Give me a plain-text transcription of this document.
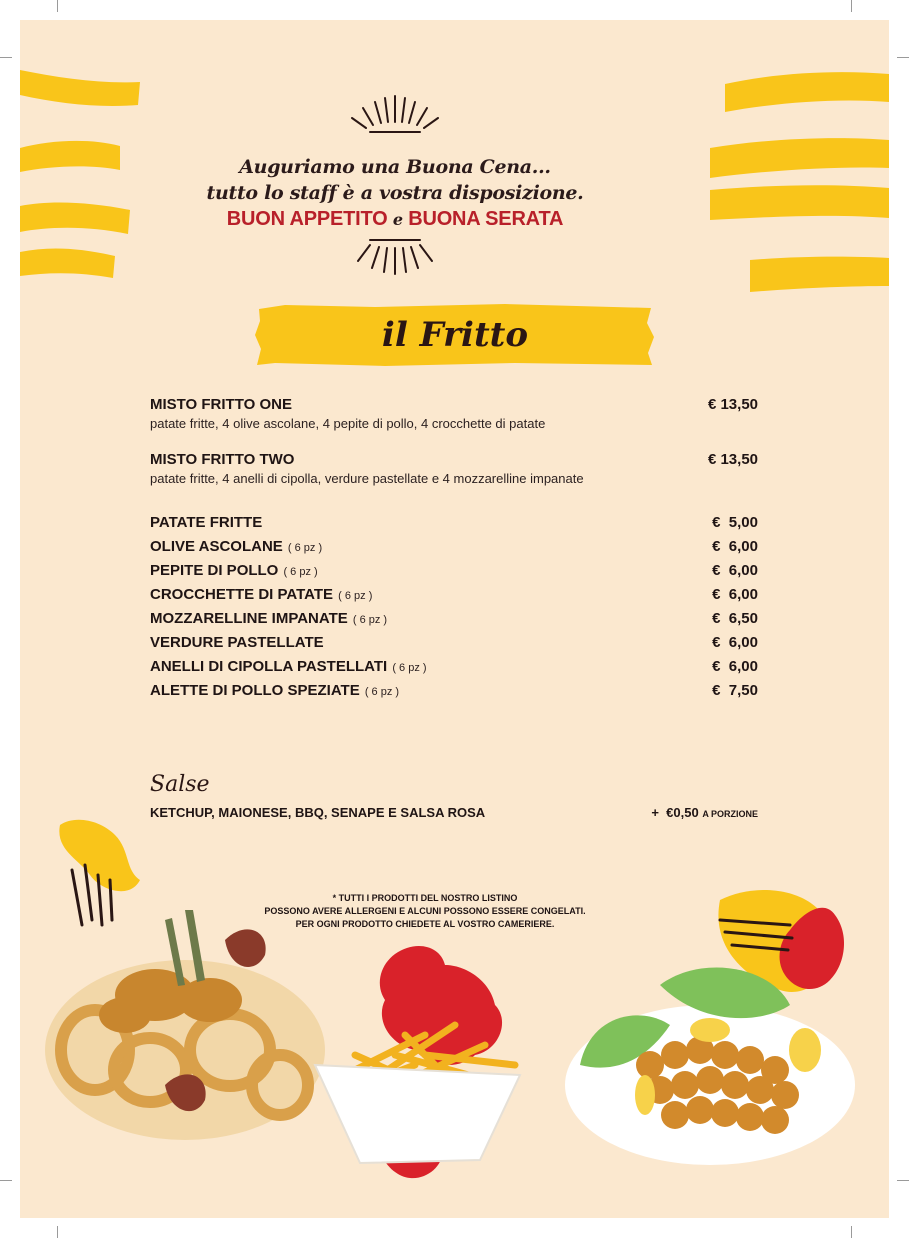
Auguriamo una Buona Cena...
tutto lo staff è a vostra disposizione.
BUON APPETITO e BUONA SERATA
il Fritto
MISTO FRITTO ONE	€ 13,50
patate fritte, 4 olive ascolane, 4 pepite di pollo, 4 crocchette di patate
MISTO FRITTO TWO	€ 13,50
patate fritte, 4 anelli di cipolla, verdure pastellate e 4 mozzarelline impanate
PATATE FRITTE	€  5,00
OLIVE ASCOLANE ( 6 pz )	€  6,00
PEPITE DI POLLO ( 6 pz )	€  6,00
CROCCHETTE DI PATATE ( 6 pz )	€  6,00
MOZZARELLINE IMPANATE ( 6 pz )	€  6,50
VERDURE PASTELLATE	€  6,00
ANELLI DI CIPOLLA PASTELLATI ( 6 pz )	€  6,00
ALETTE DI POLLO SPEZIATE ( 6 pz )	€  7,50
Salse
KETCHUP, MAIONESE, BBQ, SENAPE E SALSA ROSA	+  €0,50 A PORZIONE
* TUTTI I PRODOTTI DEL NOSTRO LISTINO
POSSONO AVERE ALLERGENI E ALCUNI POSSONO ESSERE CONGELATI.
PER OGNI PRODOTTO CHIEDETE AL VOSTRO CAMERIERE.
